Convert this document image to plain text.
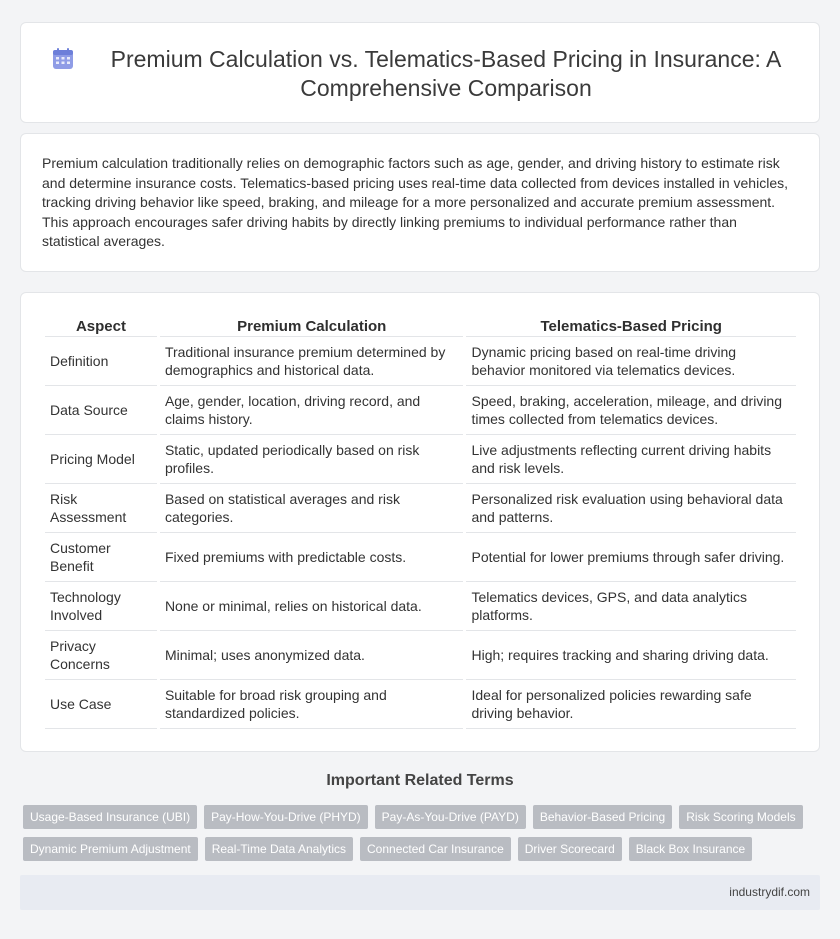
Premium Calculation vs. Telematics-Based Pricing in Insurance: A Comprehensive Comparison

Premium calculation traditionally relies on demographic factors such as age, gender, and driving history to estimate risk and determine insurance costs. Telematics-based pricing uses real-time data collected from devices installed in vehicles, tracking driving behavior like speed, braking, and mileage for a more personalized and accurate premium assessment. This approach encourages safer driving habits by directly linking premiums to individual performance rather than statistical averages.

Aspect	Premium Calculation	Telematics-Based Pricing
Definition	Traditional insurance premium determined by demographics and historical data.	Dynamic pricing based on real-time driving behavior monitored via telematics devices.
Data Source	Age, gender, location, driving record, and claims history.	Speed, braking, acceleration, mileage, and driving times collected from telematics devices.
Pricing Model	Static, updated periodically based on risk profiles.	Live adjustments reflecting current driving habits and risk levels.
Risk Assessment	Based on statistical averages and risk categories.	Personalized risk evaluation using behavioral data and patterns.
Customer Benefit	Fixed premiums with predictable costs.	Potential for lower premiums through safer driving.
Technology Involved	None or minimal, relies on historical data.	Telematics devices, GPS, and data analytics platforms.
Privacy Concerns	Minimal; uses anonymized data.	High; requires tracking and sharing driving data.
Use Case	Suitable for broad risk grouping and standardized policies.	Ideal for personalized policies rewarding safe driving behavior.
Important Related Terms
Usage-Based Insurance (UBI)	Pay-How-You-Drive (PHYD)	Pay-As-You-Drive (PAYD)	Behavior-Based Pricing	Risk Scoring Models
Dynamic Premium Adjustment	Real-Time Data Analytics	Connected Car Insurance	Driver Scorecard	Black Box Insurance
industrydif.com
